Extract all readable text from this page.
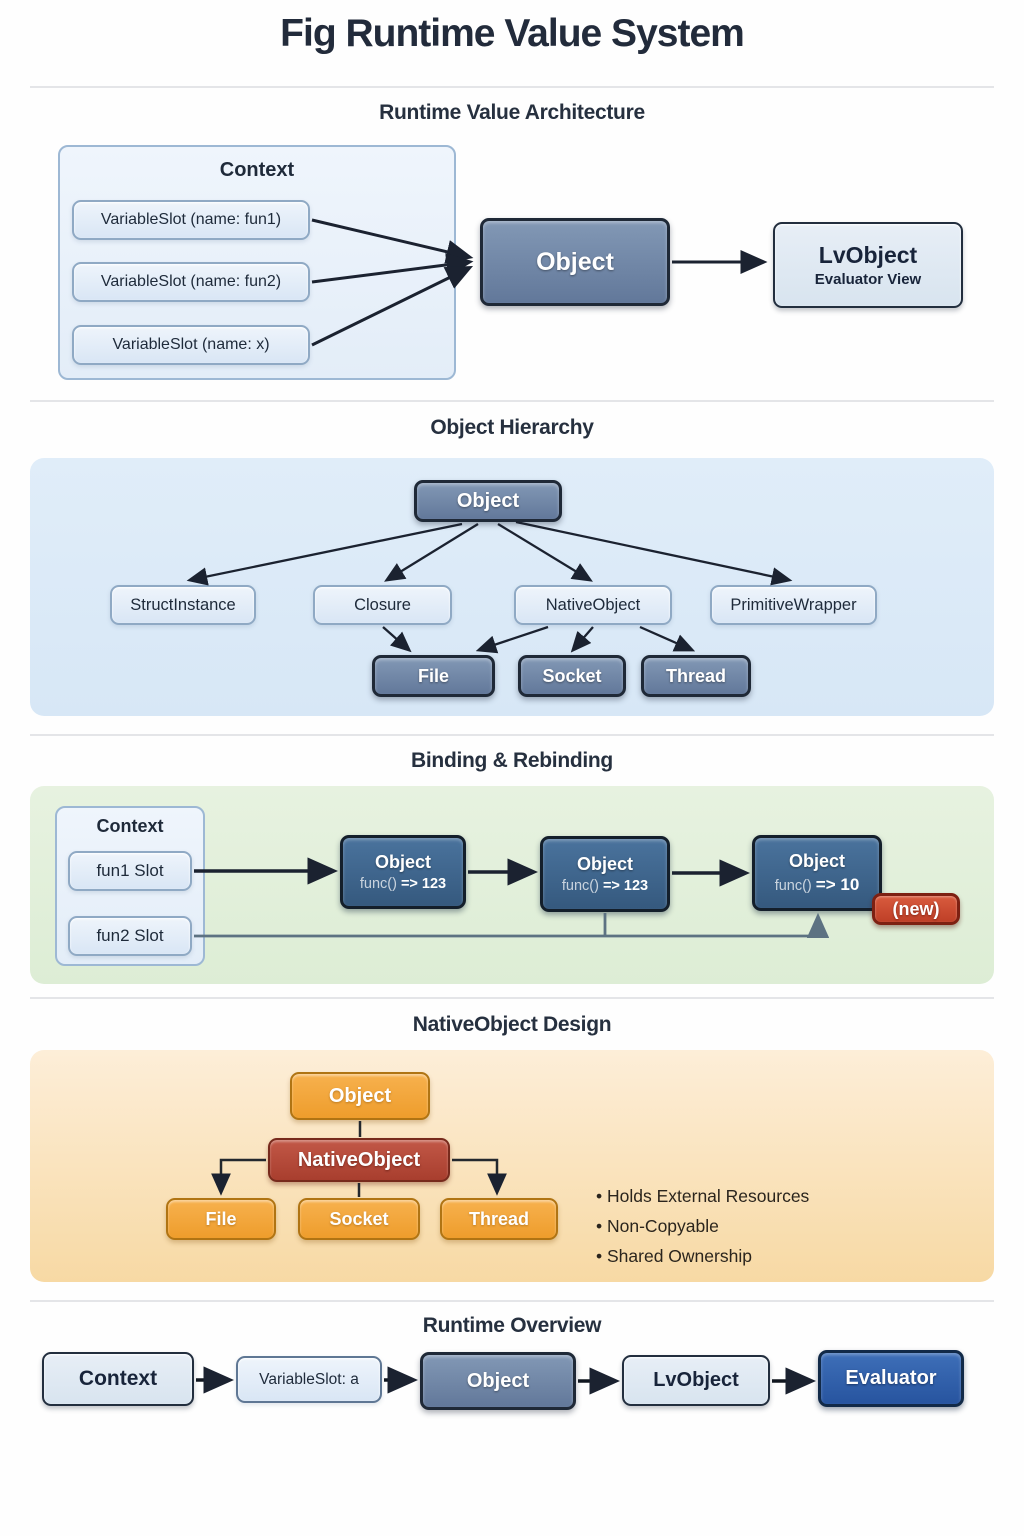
Fig Runtime Value System
Runtime Value Architecture
Context
VariableSlot (name: fun1)
VariableSlot (name: fun2)
VariableSlot (name: x)
Object	LvObject
Evaluator View
Object Hierarchy
Object
StructInstance	Closure	NativeObject	PrimitiveWrapper
File	Socket	Thread
Binding & Rebinding
Context
fun1 Slot
fun2 Slot
Object
func() => 123
Object
func() => 123
Object
func() => 10
(new)
NativeObject Design
Object
NativeObject
File	Socket	Thread
• Holds External Resources
• Non-Copyable
• Shared Ownership
Runtime Overview
Context	VariableSlot: a	Object	LvObject	Evaluator
